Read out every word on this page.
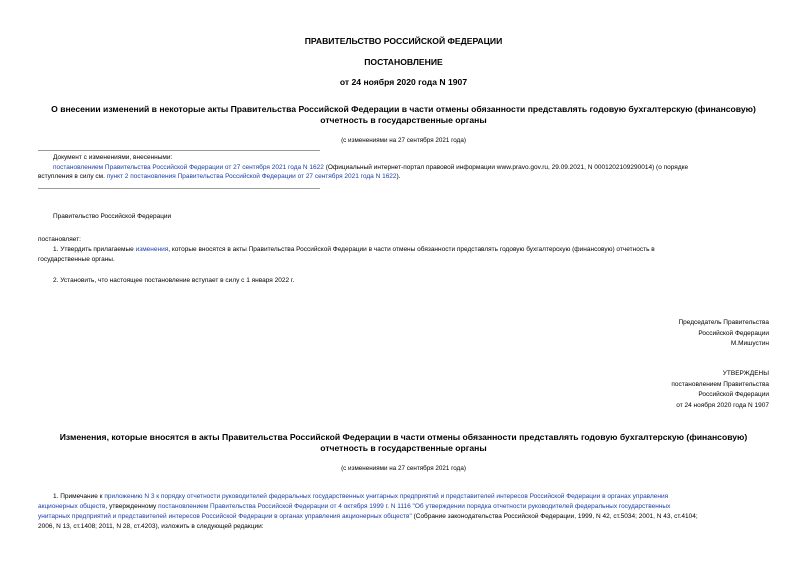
ПРАВИТЕЛЬСТВО РОССИЙСКОЙ ФЕДЕРАЦИИ
ПОСТАНОВЛЕНИЕ
от 24 ноября 2020 года N 1907
О внесении изменений в некоторые акты Правительства Российской Федерации в части отмены обязанности представлять годовую бухгалтерскую (финансовую)
отчетность в государственные органы
(с изменениями на 27 сентября 2021 года)
Документ с изменениями, внесенными:
постановлением Правительства Российской Федерации от 27 сентября 2021 года N 1622 (Официальный интернет-портал правовой информации www.pravo.gov.ru, 29.09.2021, N 0001202109290014) (о порядке
вступления в силу см. пункт 2 постановления Правительства Российской Федерации от 27 сентября 2021 года N 1622).
Правительство Российской Федерации
постановляет:
1. Утвердить прилагаемые изменения, которые вносятся в акты Правительства Российской Федерации в части отмены обязанности представлять годовую бухгалтерскую (финансовую) отчетность в
государственные органы.
2. Установить, что настоящее постановление вступает в силу с 1 января 2022 г.
Председатель Правительства
Российской Федерации
М.Мишустин
УТВЕРЖДЕНЫ
постановлением Правительства
Российской Федерации
от 24 ноября 2020 года N 1907
Изменения, которые вносятся в акты Правительства Российской Федерации в части отмены обязанности представлять годовую бухгалтерскую (финансовую)
отчетность в государственные органы
(с изменениями на 27 сентября 2021 года)
1. Примечание к приложению N 3 к порядку отчетности руководителей федеральных государственных унитарных предприятий и представителей интересов Российской Федерации в органах управления
акционерных обществ, утвержденному постановлением Правительства Российской Федерации от 4 октября 1999 г. N 1116 "Об утверждении порядка отчетности руководителей федеральных государственных
унитарных предприятий и представителей интересов Российской Федерации в органах управления акционерных обществ" (Собрание законодательства Российской Федерации, 1999, N 42, ст.5034; 2001, N 43, ст.4104;
2006, N 13, ст.1408; 2011, N 28, ст.4203), изложить в следующей редакции:
